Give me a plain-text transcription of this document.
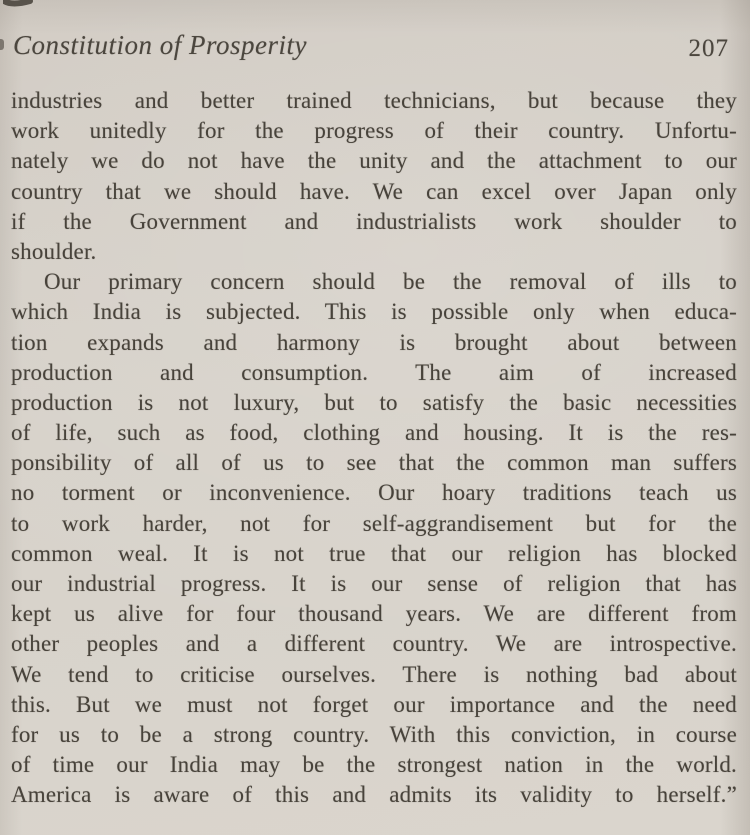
Constitution of Prosperity	207
industries and better trained technicians, but because they
work unitedly for the progress of their country. Unfortu-
nately we do not have the unity and the attachment to our
country that we should have. We can excel over Japan only
if the Government and industrialists work shoulder to
shoulder.
Our primary concern should be the removal of ills to
which India is subjected. This is possible only when educa-
tion expands and harmony is brought about between
production and consumption. The aim of increased
production is not luxury, but to satisfy the basic necessities
of life, such as food, clothing and housing. It is the res-
ponsibility of all of us to see that the common man suffers
no torment or inconvenience. Our hoary traditions teach us
to work harder, not for self-aggrandisement but for the
common weal. It is not true that our religion has blocked
our industrial progress. It is our sense of religion that has
kept us alive for four thousand years. We are different from
other peoples and a different country. We are introspective.
We tend to criticise ourselves. There is nothing bad about
this. But we must not forget our importance and the need
for us to be a strong country. With this conviction, in course
of time our India may be the strongest nation in the world.
America is aware of this and admits its validity to herself.”
